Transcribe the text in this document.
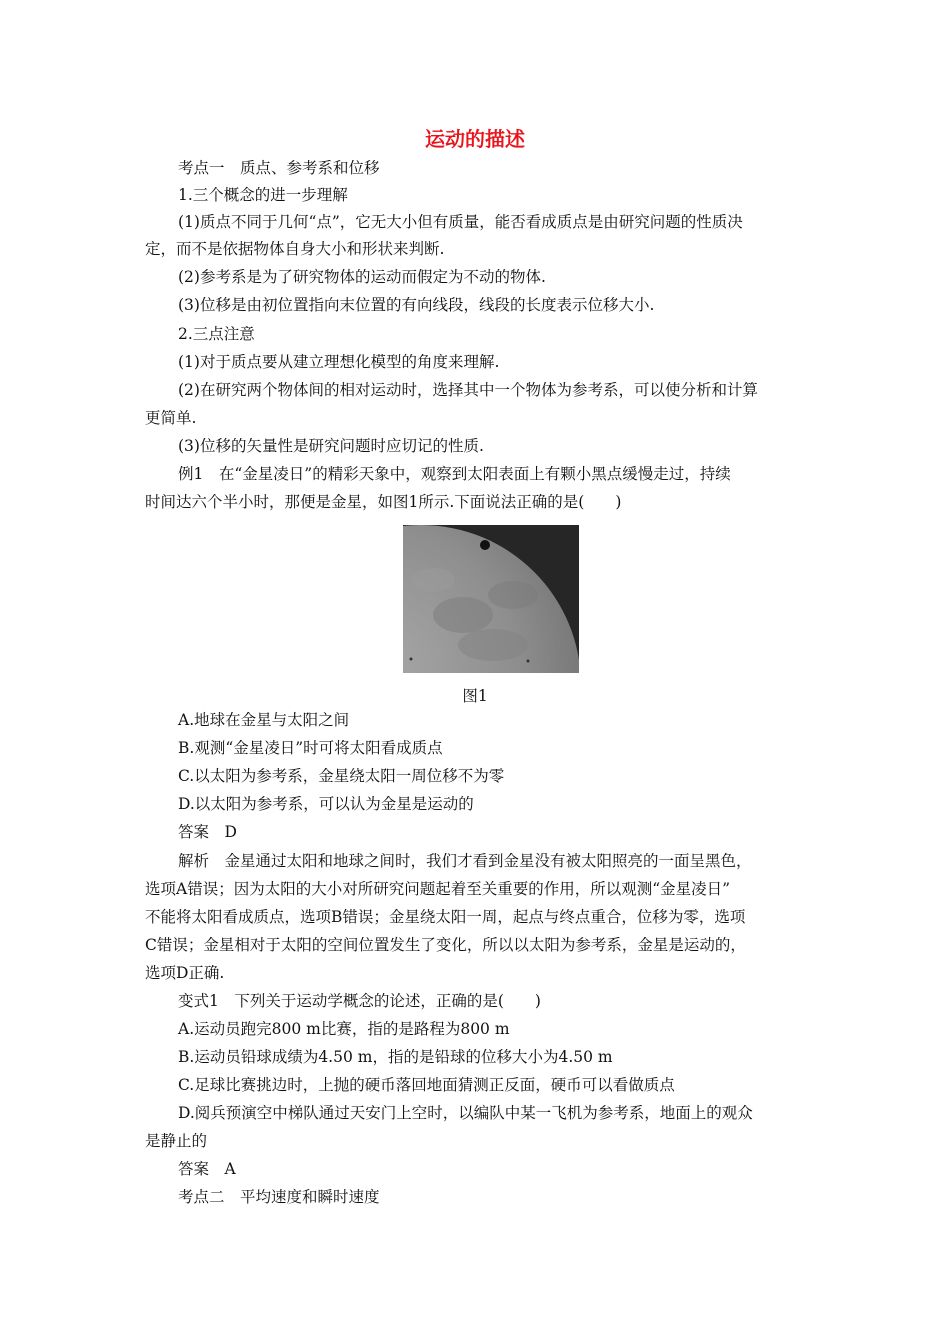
运动的描述
考点一　质点、参考系和位移
1.三个概念的进一步理解
(1)质点不同于几何“点”，它无大小但有质量，能否看成质点是由研究问题的性质决
定，而不是依据物体自身大小和形状来判断.
(2)参考系是为了研究物体的运动而假定为不动的物体.
(3)位移是由初位置指向末位置的有向线段，线段的长度表示位移大小.
2.三点注意
(1)对于质点要从建立理想化模型的角度来理解.
(2)在研究两个物体间的相对运动时，选择其中一个物体为参考系，可以使分析和计算
更简单.
(3)位移的矢量性是研究问题时应切记的性质.
例1　在“金星凌日”的精彩天象中，观察到太阳表面上有颗小黑点缓慢走过，持续
时间达六个半小时，那便是金星，如图1所示.下面说法正确的是(　　)
图1
A.地球在金星与太阳之间
B.观测“金星凌日”时可将太阳看成质点
C.以太阳为参考系，金星绕太阳一周位移不为零
D.以太阳为参考系，可以认为金星是运动的
答案　D
解析　金星通过太阳和地球之间时，我们才看到金星没有被太阳照亮的一面呈黑色，
选项A错误；因为太阳的大小对所研究问题起着至关重要的作用，所以观测“金星凌日”
不能将太阳看成质点，选项B错误；金星绕太阳一周，起点与终点重合，位移为零，选项
C错误；金星相对于太阳的空间位置发生了变化，所以以太阳为参考系，金星是运动的，
选项D正确.
变式1　下列关于运动学概念的论述，正确的是(　　)
A.运动员跑完800 m比赛，指的是路程为800 m
B.运动员铅球成绩为4.50 m，指的是铅球的位移大小为4.50 m
C.足球比赛挑边时，上抛的硬币落回地面猜测正反面，硬币可以看做质点
D.阅兵预演空中梯队通过天安门上空时，以编队中某一飞机为参考系，地面上的观众
是静止的
答案　A
考点二　平均速度和瞬时速度
